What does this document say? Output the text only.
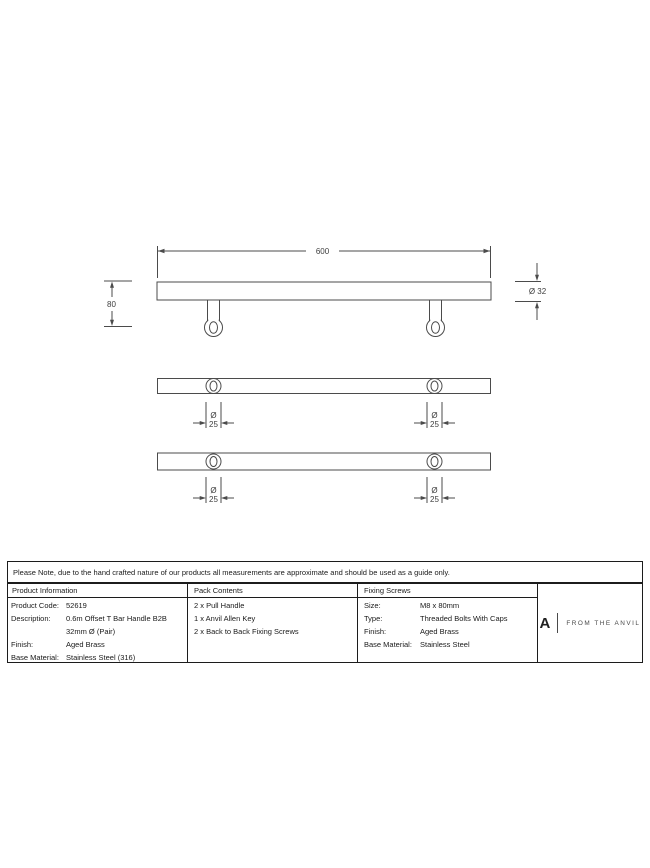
600
80
Ø 32
Ø
25
Ø
25
Ø
25
Ø
25
Please Note, due to the hand crafted nature of our products all measurements are approximate and should be used as a guide only.
Product Information
Product Code: 52619
Description:	0.6m Offset T Bar Handle B2B
32mm Ø (Pair)
Finish:	Aged Brass
Base Material: Stainless Steel (316)
Pack Contents
2 x Pull Handle
1 x Anvil Allen Key
2 x Back to Back Fixing Screws
Fixing Screws
Size:	M8 x 80mm
Type:	Threaded Bolts With Caps
Finish:	Aged Brass
Base Material:	Stainless Steel
A	FROM THE ANVIL
